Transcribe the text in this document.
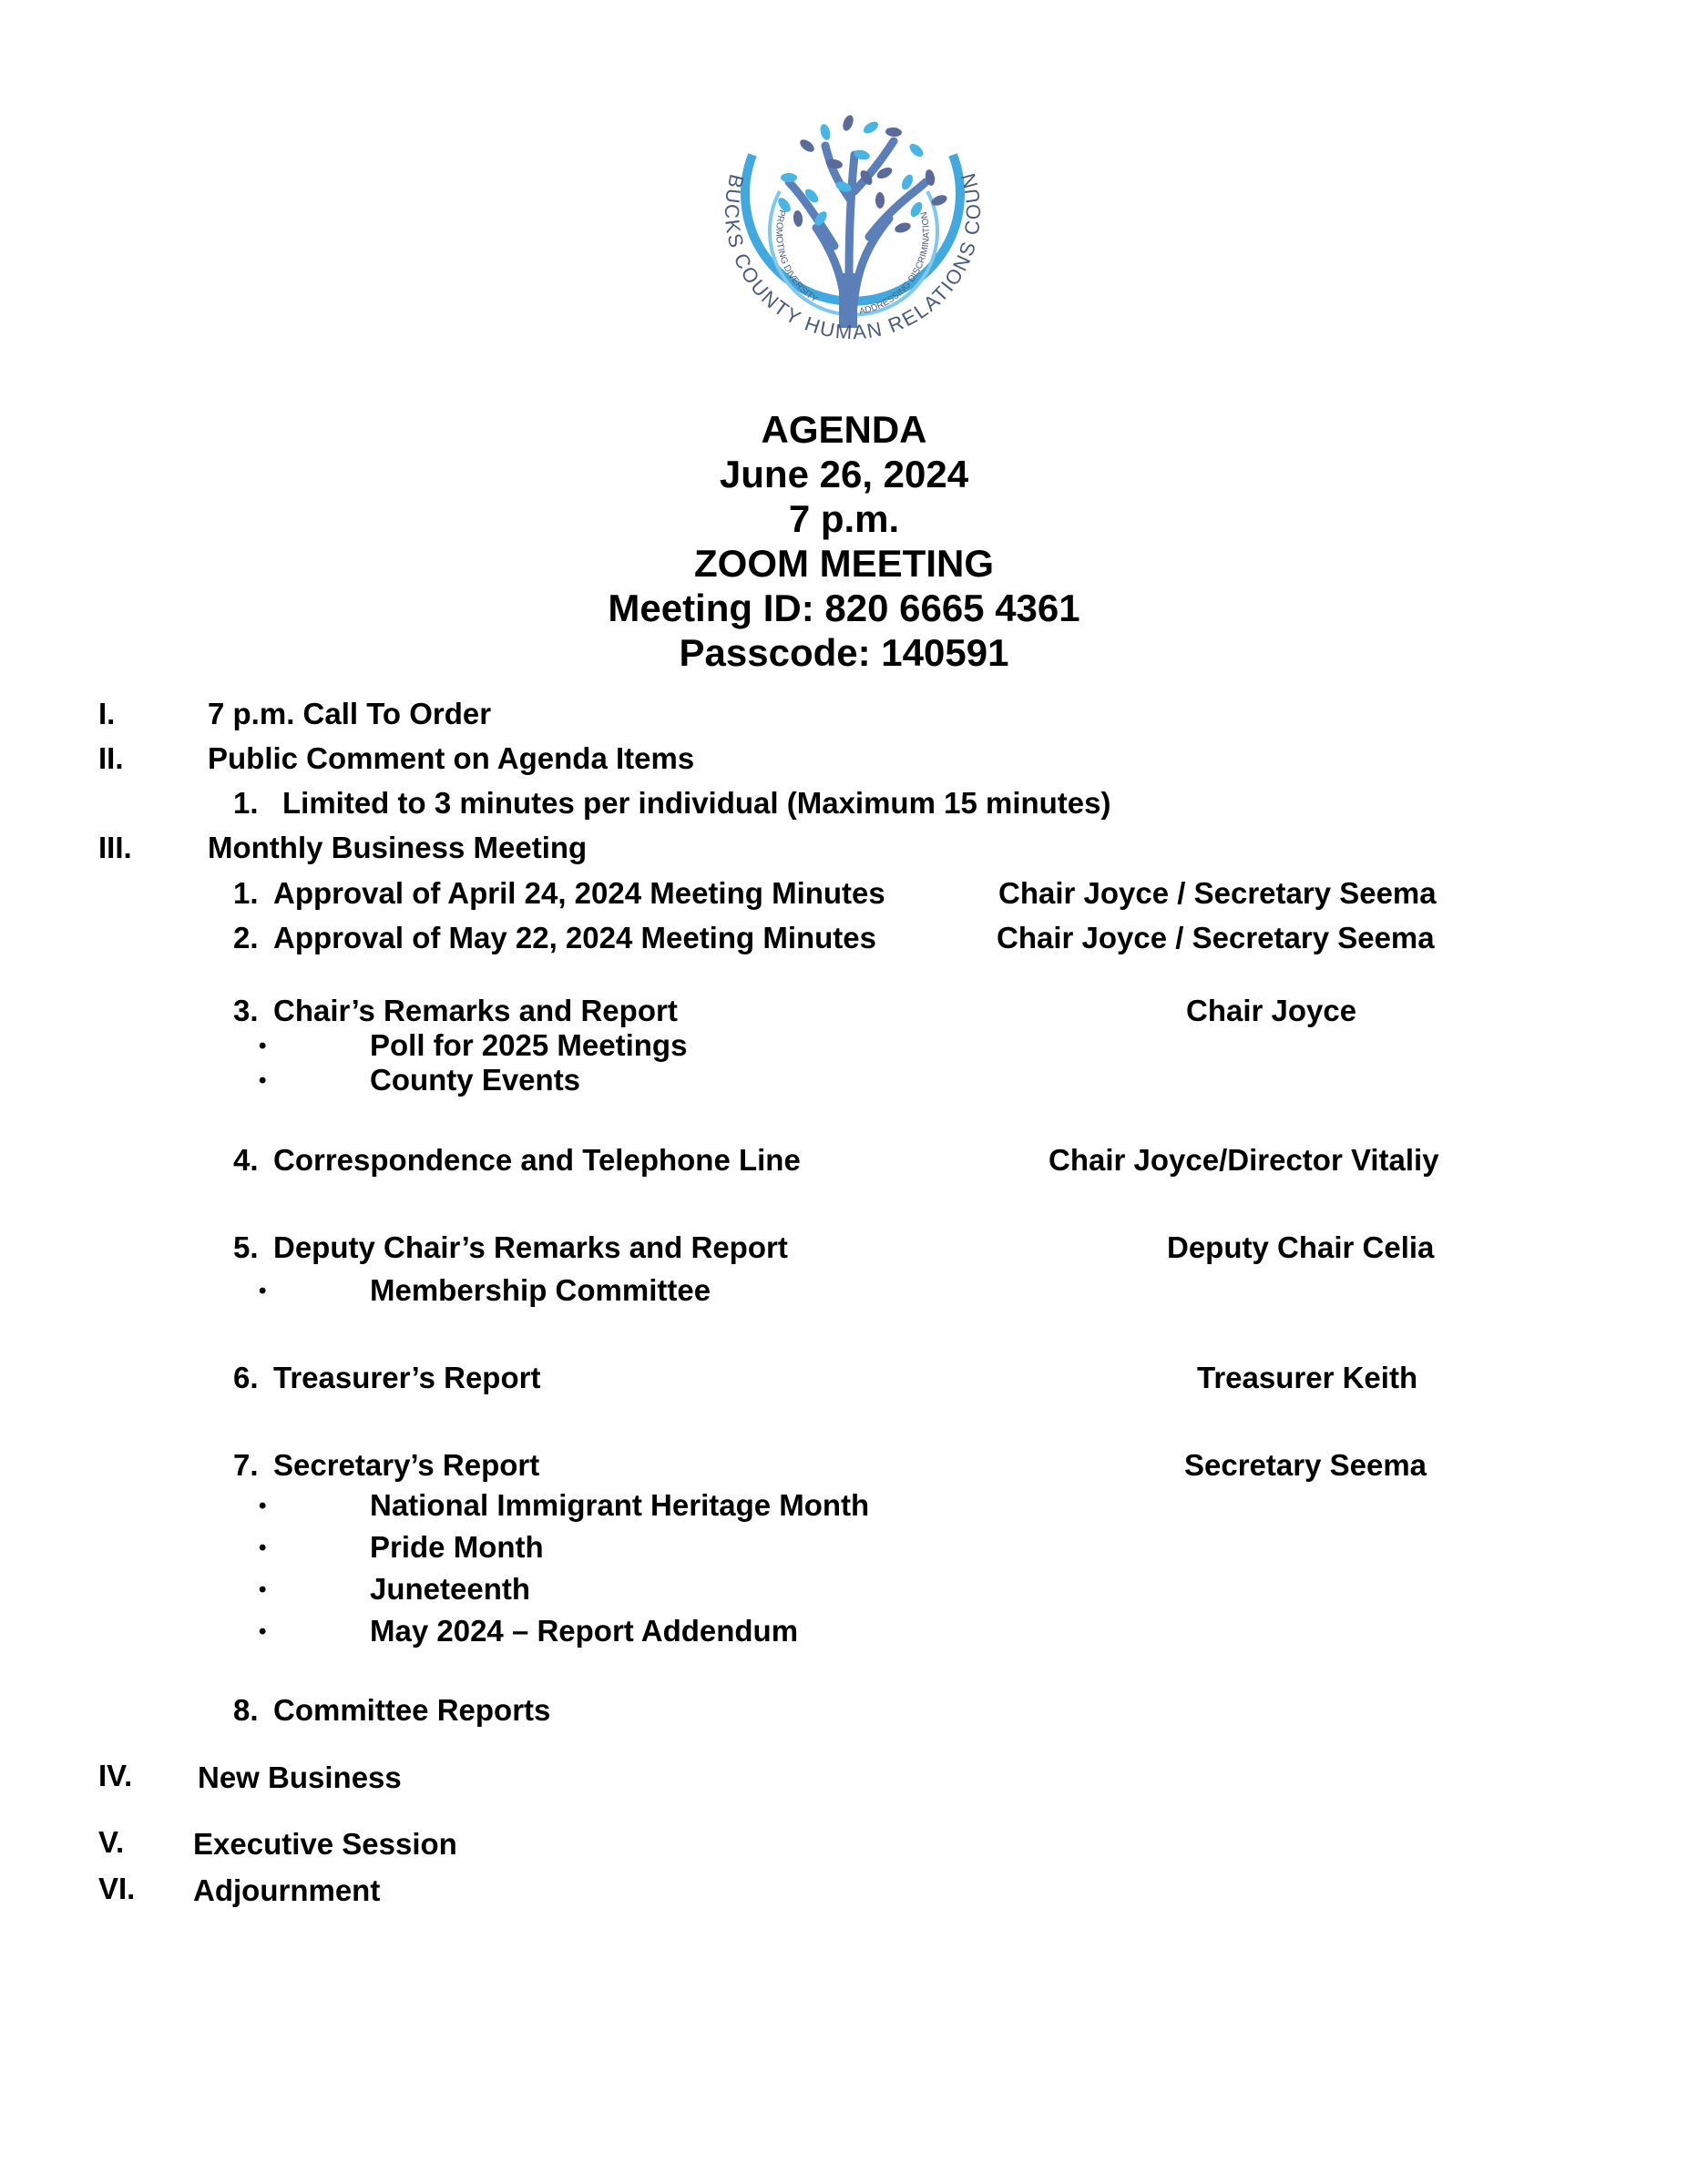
BUCKS COUNTY HUMAN RELATIONS COUN
PROMOTING DIVERSITY
ADDRESSING DISCRIMINATION
AGENDA
June 26, 2024
7 p.m.
ZOOM MEETING
Meeting ID: 820 6665 4361
Passcode: 140591
I.	7 p.m. Call To Order
II.	Public Comment on Agenda Items
1. Limited to 3 minutes per individual (Maximum 15 minutes)
III.	Monthly Business Meeting
1. Approval of April 24, 2024 Meeting Minutes	Chair Joyce / Secretary Seema
2. Approval of May 22, 2024 Meeting Minutes	Chair Joyce / Secretary Seema
3. Chair’s Remarks and Report	Chair Joyce
•	Poll for 2025 Meetings
•	County Events
4. Correspondence and Telephone Line	Chair Joyce/Director Vitaliy
5. Deputy Chair’s Remarks and Report	Deputy Chair Celia
•	Membership Committee
6. Treasurer’s Report	Treasurer Keith
7. Secretary’s Report	Secretary Seema
•	National Immigrant Heritage Month
•	Pride Month
•	Juneteenth
•	May 2024 – Report Addendum
8. Committee Reports
IV. New Business
V. Executive Session
VI. Adjournment
